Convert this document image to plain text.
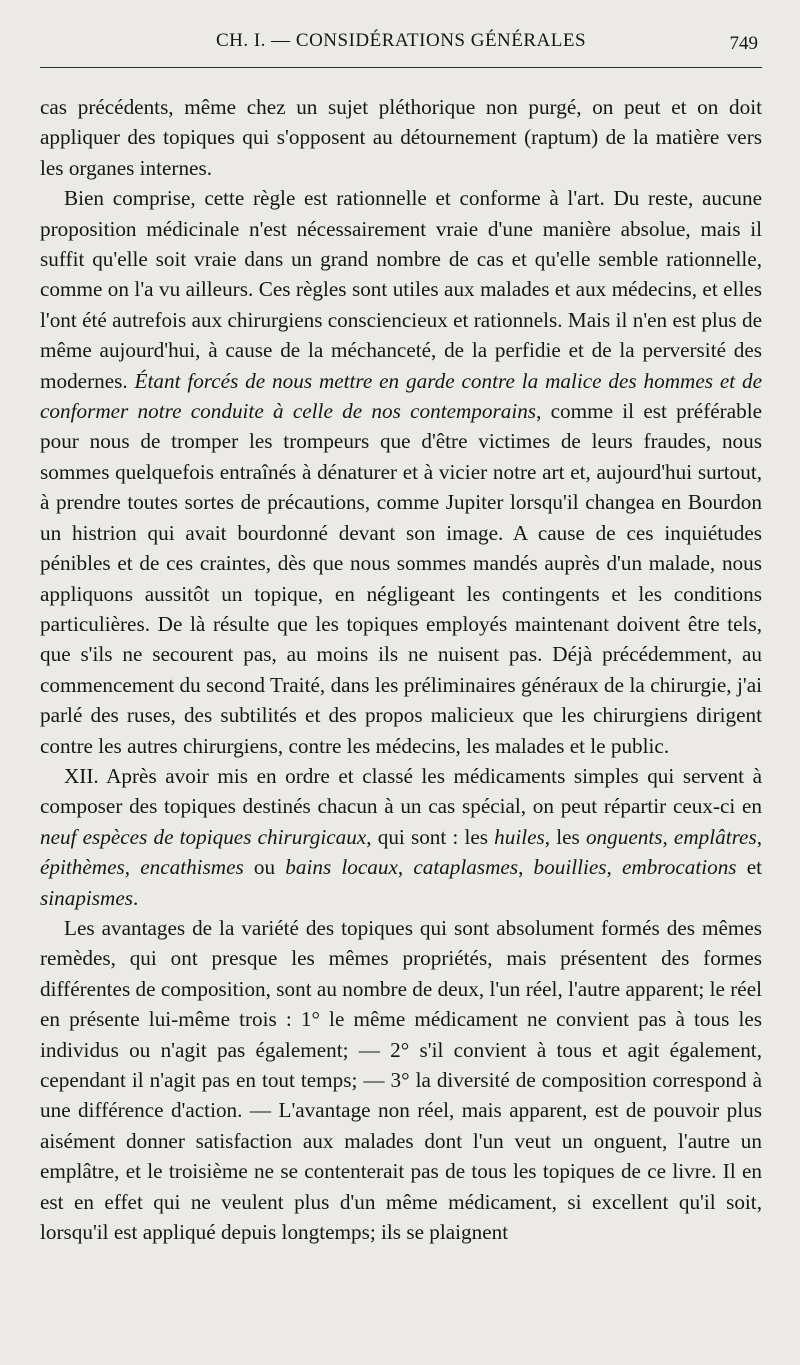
CH. I. — CONSIDÉRATIONS GÉNÉRALES	749

cas précédents, même chez un sujet pléthorique non purgé, on peut et on doit appliquer des topiques qui s'opposent au détournement (raptum) de la matière vers les organes internes.

Bien comprise, cette règle est rationnelle et conforme à l'art. Du reste, aucune proposition médicinale n'est nécessairement vraie d'une manière absolue, mais il suffit qu'elle soit vraie dans un grand nombre de cas et qu'elle semble rationnelle, comme on l'a vu ailleurs. Ces règles sont utiles aux malades et aux médecins, et elles l'ont été autrefois aux chirurgiens consciencieux et rationnels. Mais il n'en est plus de même aujourd'hui, à cause de la méchanceté, de la perfidie et de la perversité des modernes. Étant forcés de nous mettre en garde contre la malice des hommes et de conformer notre conduite à celle de nos contemporains, comme il est préférable pour nous de tromper les trompeurs que d'être victimes de leurs fraudes, nous sommes quelquefois entraînés à dénaturer et à vicier notre art et, aujourd'hui surtout, à prendre toutes sortes de précautions, comme Jupiter lorsqu'il changea en Bourdon un histrion qui avait bourdonné devant son image. A cause de ces inquiétudes pénibles et de ces craintes, dès que nous sommes mandés auprès d'un malade, nous appliquons aussitôt un topique, en négligeant les contingents et les conditions particulières. De là résulte que les topiques employés maintenant doivent être tels, que s'ils ne secourent pas, au moins ils ne nuisent pas. Déjà précédemment, au commencement du second Traité, dans les préliminaires généraux de la chirurgie, j'ai parlé des ruses, des subtilités et des propos malicieux que les chirurgiens dirigent contre les autres chirurgiens, contre les médecins, les malades et le public.

XII. Après avoir mis en ordre et classé les médicaments simples qui servent à composer des topiques destinés chacun à un cas spécial, on peut répartir ceux-ci en neuf espèces de topiques chirurgicaux, qui sont : les huiles, les onguents, emplâtres, épithèmes, encathismes ou bains locaux, cataplasmes, bouillies, embrocations et sinapismes.

Les avantages de la variété des topiques qui sont absolument formés des mêmes remèdes, qui ont presque les mêmes propriétés, mais présentent des formes différentes de composition, sont au nombre de deux, l'un réel, l'autre apparent; le réel en présente lui-même trois : 1° le même médicament ne convient pas à tous les individus ou n'agit pas également; — 2° s'il convient à tous et agit également, cependant il n'agit pas en tout temps; — 3° la diversité de composition correspond à une différence d'action. — L'avantage non réel, mais apparent, est de pouvoir plus aisément donner satisfaction aux malades dont l'un veut un onguent, l'autre un emplâtre, et le troisième ne se contenterait pas de tous les topiques de ce livre. Il en est en effet qui ne veulent plus d'un même médicament, si excellent qu'il soit, lorsqu'il est appliqué depuis longtemps; ils se plaignent
